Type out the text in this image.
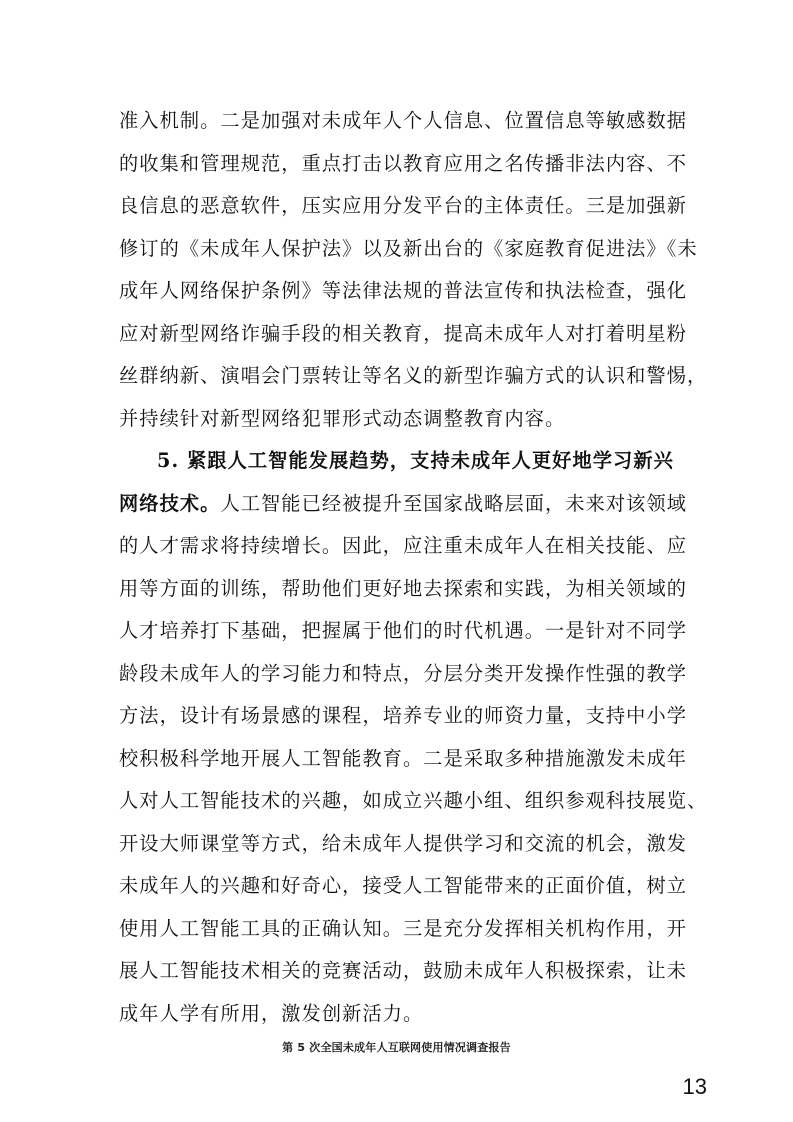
准入机制。二是加强对未成年人个人信息、位置信息等敏感数据
的收集和管理规范，重点打击以教育应用之名传播非法内容、不
良信息的恶意软件，压实应用分发平台的主体责任。三是加强新
修订的《未成年人保护法》以及新出台的《家庭教育促进法》《未
成年人网络保护条例》等法律法规的普法宣传和执法检查，强化
应对新型网络诈骗手段的相关教育，提高未成年人对打着明星粉
丝群纳新、演唱会门票转让等名义的新型诈骗方式的认识和警惕，
并持续针对新型网络犯罪形式动态调整教育内容。
5. 紧跟人工智能发展趋势，支持未成年人更好地学习新兴
网络技术。人工智能已经被提升至国家战略层面，未来对该领域
的人才需求将持续增长。因此，应注重未成年人在相关技能、应
用等方面的训练，帮助他们更好地去探索和实践，为相关领域的
人才培养打下基础，把握属于他们的时代机遇。一是针对不同学
龄段未成年人的学习能力和特点，分层分类开发操作性强的教学
方法，设计有场景感的课程，培养专业的师资力量，支持中小学
校积极科学地开展人工智能教育。二是采取多种措施激发未成年
人对人工智能技术的兴趣，如成立兴趣小组、组织参观科技展览、
开设大师课堂等方式，给未成年人提供学习和交流的机会，激发
未成年人的兴趣和好奇心，接受人工智能带来的正面价值，树立
使用人工智能工具的正确认知。三是充分发挥相关机构作用，开
展人工智能技术相关的竞赛活动，鼓励未成年人积极探索，让未
成年人学有所用，激发创新活力。
第 5 次全国未成年人互联网使用情况调查报告
13
